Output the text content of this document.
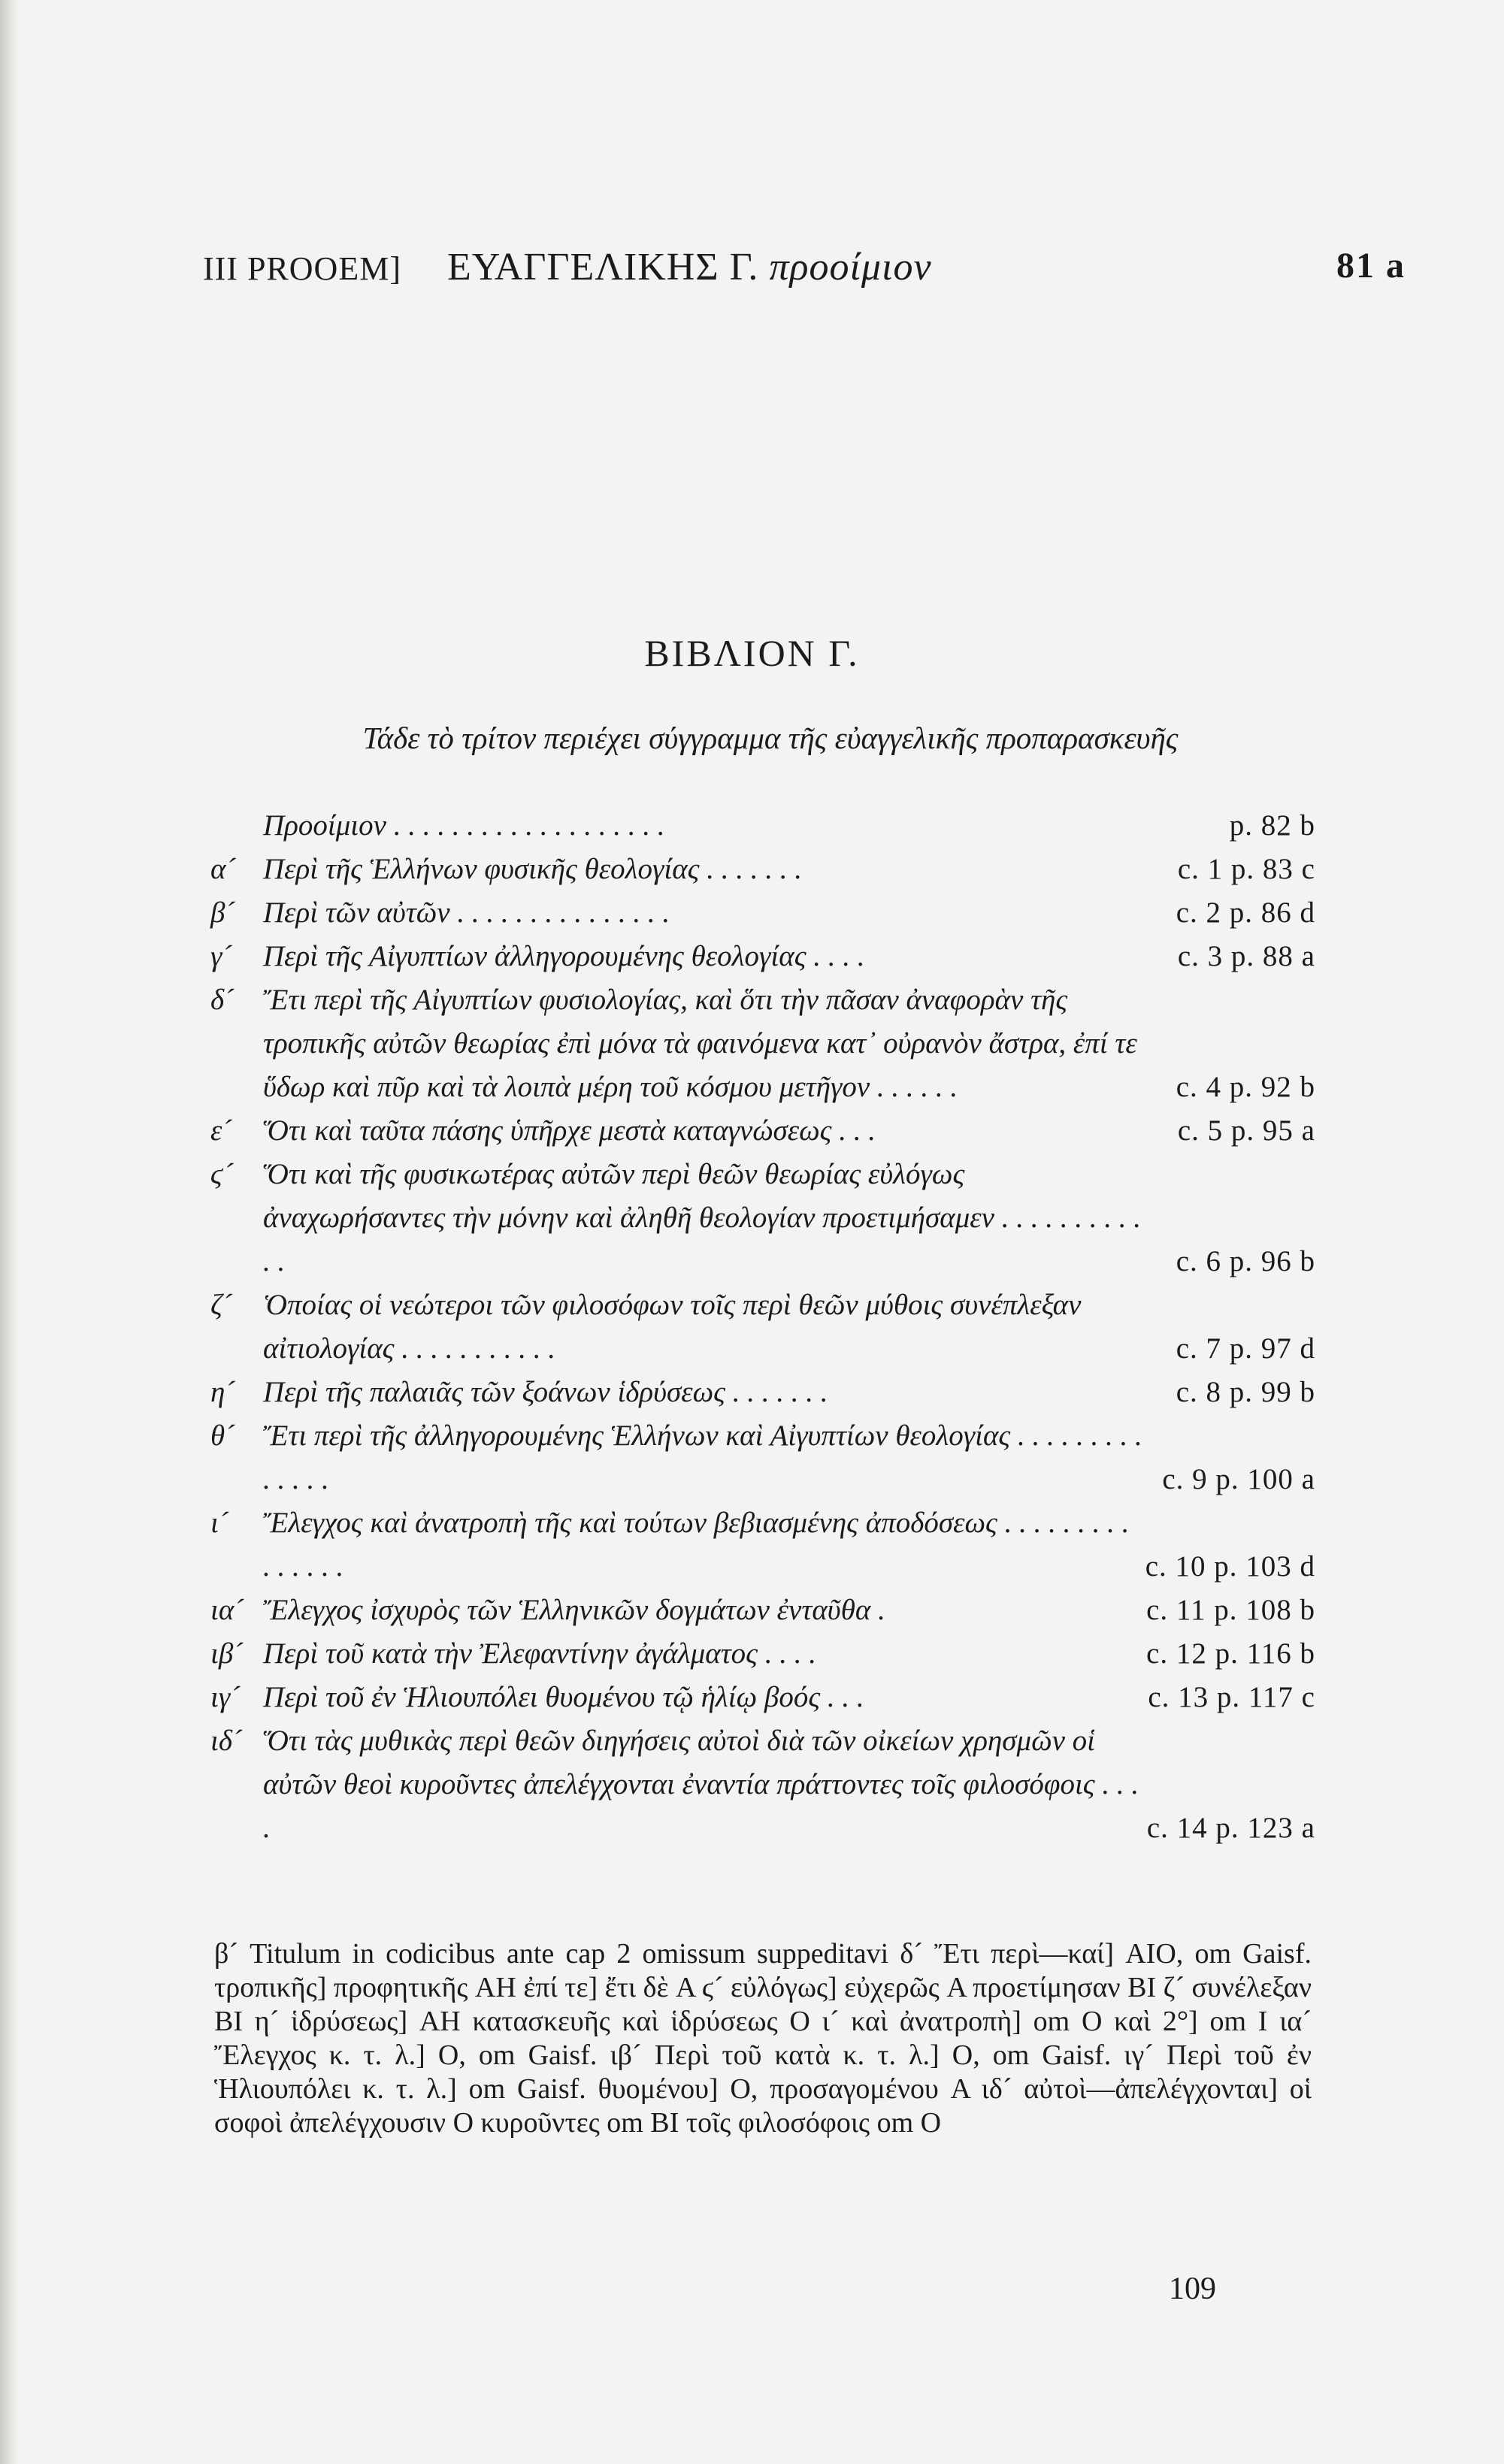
III PROOEM] ΕΥΑΓΓΕΛΙΚΗΣ Γ. προοίμιον	81 a
ΒΙΒΛΙΟΝ Γ.
Τάδε τὸ τρίτον περιέχει σύγγραμμα τῆς εὐαγγελικῆς προπαρασκευῆς
Προοίμιον . . . . . . . . . . . . . . . . . . .	p. 82 b
α´ Περὶ τῆς Ἑλλήνων φυσικῆς θεολογίας . . . . . . .	c. 1 p. 83 c
β´ Περὶ τῶν αὐτῶν . . . . . . . . . . . . . . .	c. 2 p. 86 d
γ´ Περὶ τῆς Αἰγυπτίων ἀλληγορουμένης θεολογίας . . . .	c. 3 p. 88 a
δ´ Ἔτι περὶ τῆς Αἰγυπτίων φυσιολογίας, καὶ ὅτι τὴν πᾶσαν ἀναφορὰν τῆς τροπικῆς αὐτῶν θεωρίας ἐπὶ μόνα τὰ φαινόμενα κατ᾽ οὐρανὸν ἄστρα, ἐπί τε ὕδωρ καὶ πῦρ καὶ τὰ λοιπὰ μέρη τοῦ κόσμου μετῆγον . . . . . .	c. 4 p. 92 b
ε´ Ὅτι καὶ ταῦτα πάσης ὑπῆρχε μεστὰ καταγνώσεως . . .	c. 5 p. 95 a
ϛ´ Ὅτι καὶ τῆς φυσικωτέρας αὐτῶν περὶ θεῶν θεωρίας εὐλόγως ἀναχωρήσαντες τὴν μόνην καὶ ἀληθῆ θεολογίαν προετιμήσαμεν . . . . . . . . . . . .	c. 6 p. 96 b
ζ´ Ὁποίας οἱ νεώτεροι τῶν φιλοσόφων τοῖς περὶ θεῶν μύθοις συνέπλεξαν αἰτιολογίας . . . . . . . . . . .	c. 7 p. 97 d
η´ Περὶ τῆς παλαιᾶς τῶν ξοάνων ἱδρύσεως . . . . . . .	c. 8 p. 99 b
θ´ Ἔτι περὶ τῆς ἀλληγορουμένης Ἑλλήνων καὶ Αἰγυπτίων θεολογίας . . . . . . . . . . . . . .	c. 9 p. 100 a
ι´ Ἔλεγχος καὶ ἀνατροπὴ τῆς καὶ τούτων βεβιασμένης ἀποδόσεως . . . . . . . . . . . . . . .	c. 10 p. 103 d
ια´ Ἔλεγχος ἰσχυρὸς τῶν Ἑλληνικῶν δογμάτων ἐνταῦθα .	c. 11 p. 108 b
ιβ´ Περὶ τοῦ κατὰ τὴν Ἐλεφαντίνην ἀγάλματος . . . .	c. 12 p. 116 b
ιγ´ Περὶ τοῦ ἐν Ἡλιουπόλει θυομένου τῷ ἡλίῳ βοός . . .	c. 13 p. 117 c
ιδ´ Ὅτι τὰς μυθικὰς περὶ θεῶν διηγήσεις αὐτοὶ διὰ τῶν οἰκείων χρησμῶν οἱ αὐτῶν θεοὶ κυροῦντες ἀπελέγχονται ἐναντία πράττοντες τοῖς φιλοσόφοις . . . .	c. 14 p. 123 a

β´ Titulum in codicibus ante cap 2 omissum suppeditavi δ´ Ἔτι περὶ—καί] AIO, om Gaisf. τροπικῆς] προφητικῆς AH ἐπί τε] ἔτι δὲ A ϛ´ εὐλόγως] εὐχερῶς A προετίμησαν BI ζ´ συνέλεξαν BI η´ ἱδρύσεως] AH κατασκευῆς καὶ ἱδρύσεως O ι´ καὶ ἀνατροπὴ] om O καὶ 2°] om I ια´ Ἔλεγχος κ. τ. λ.] O, om Gaisf. ιβ´ Περὶ τοῦ κατὰ κ. τ. λ.] O, om Gaisf. ιγ´ Περὶ τοῦ ἐν Ἡλιουπόλει κ. τ. λ.] om Gaisf. θυομένου] O, προσαγομένου A ιδ´ αὐτοὶ—ἀπελέγχονται] οἱ σοφοὶ ἀπελέγχουσιν O κυροῦντες om BI τοῖς φιλοσόφοις om O

109
